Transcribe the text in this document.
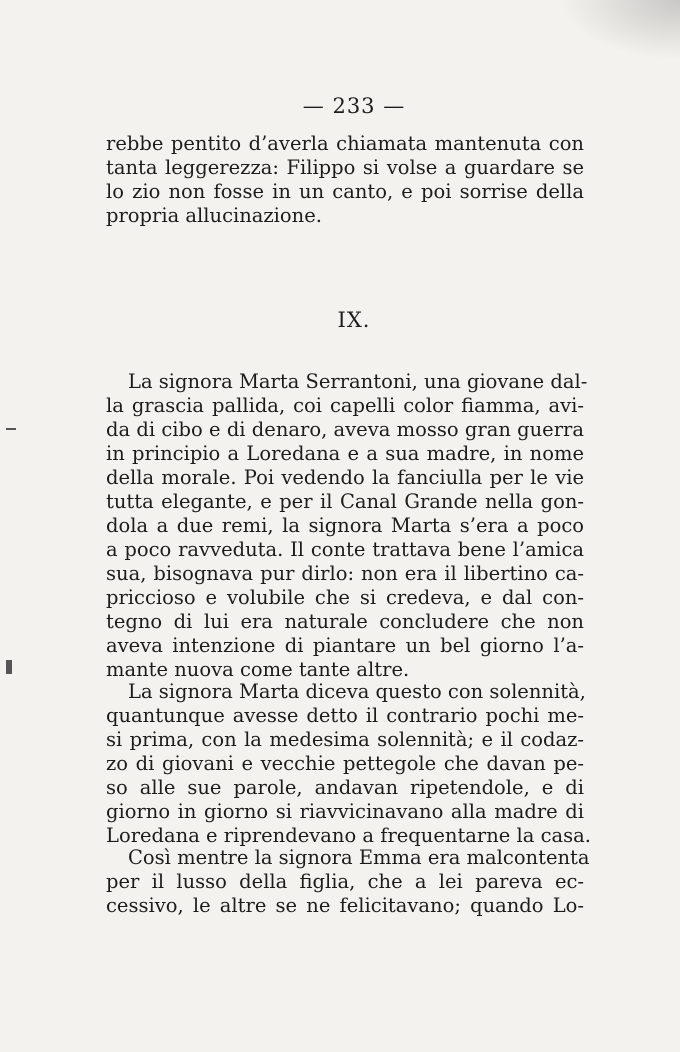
— 233 —
rebbe pentito d’averla chiamata mantenuta con
tanta leggerezza: Filippo si volse a guardare se
lo zio non fosse in un canto, e poi sorrise della
propria allucinazione.
IX.
La signora Marta Serrantoni, una giovane dal-
la grascia pallida, coi capelli color fiamma, avi-
da di cibo e di denaro, aveva mosso gran guerra
in principio a Loredana e a sua madre, in nome
della morale. Poi vedendo la fanciulla per le vie
tutta elegante, e per il Canal Grande nella gon-
dola a due remi, la signora Marta s’era a poco
a poco ravveduta. Il conte trattava bene l’amica
sua, bisognava pur dirlo: non era il libertino ca-
priccioso e volubile che si credeva, e dal con-
tegno di lui era naturale concludere che non
aveva intenzione di piantare un bel giorno l’a-
mante nuova come tante altre.
La signora Marta diceva questo con solennità,
quantunque avesse detto il contrario pochi me-
si prima, con la medesima solennità; e il codaz-
zo di giovani e vecchie pettegole che davan pe-
so alle sue parole, andavan ripetendole, e di
giorno in giorno si riavvicinavano alla madre di
Loredana e riprendevano a frequentarne la casa.
Così mentre la signora Emma era malcontenta
per il lusso della figlia, che a lei pareva ec-
cessivo, le altre se ne felicitavano; quando Lo-
